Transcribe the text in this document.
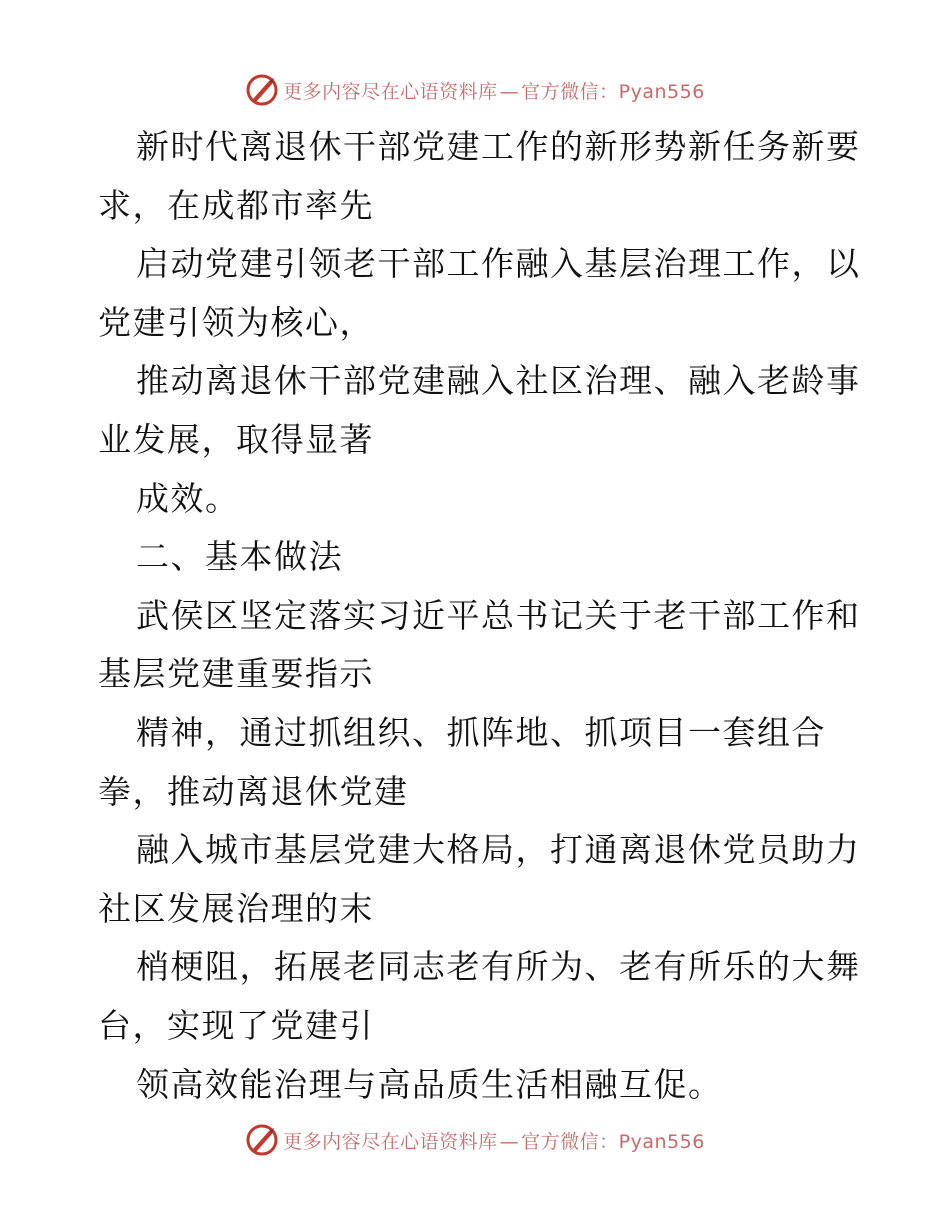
更多内容尽在心语资料库 — 官方微信：Pyan556
新时代离退休干部党建工作的新形势新任务新要
求，在成都市率先
启动党建引领老干部工作融入基层治理工作，以
党建引领为核心，
推动离退休干部党建融入社区治理、融入老龄事
业发展，取得显著
成效。
二、基本做法
武侯区坚定落实习近平总书记关于老干部工作和
基层党建重要指示
精神，通过抓组织、抓阵地、抓项目一套组合
拳，推动离退休党建
融入城市基层党建大格局，打通离退休党员助力
社区发展治理的末
梢梗阻，拓展老同志老有所为、老有所乐的大舞
台，实现了党建引
领高效能治理与高品质生活相融互促。
更多内容尽在心语资料库 — 官方微信：Pyan556
